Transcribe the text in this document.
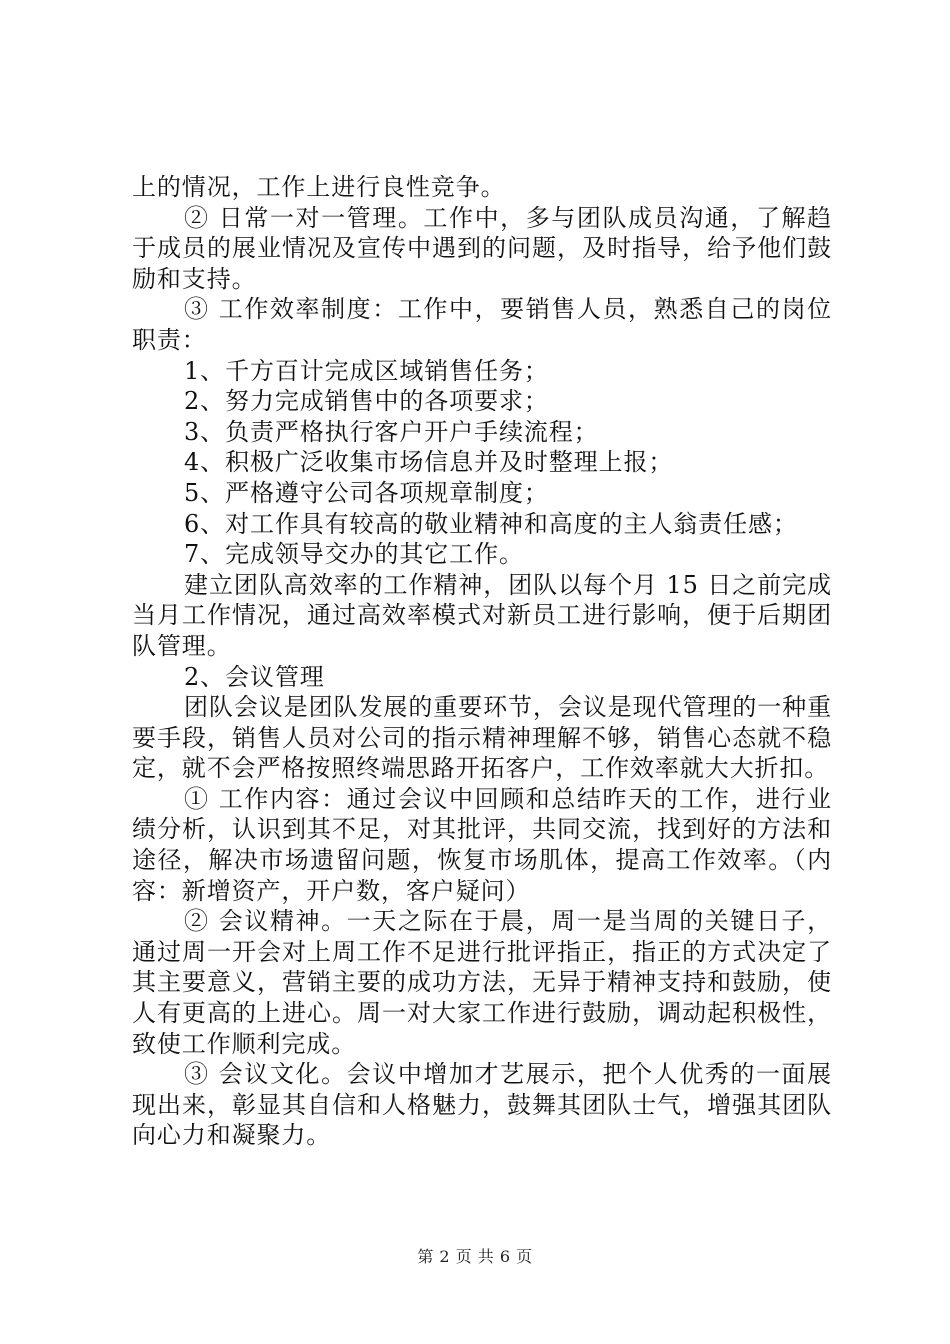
上的情况，工作上进行良性竞争。

② 日常一对一管理。工作中，多与团队成员沟通，了解趋于成员的展业情况及宣传中遇到的问题，及时指导，给予他们鼓励和支持。

③ 工作效率制度：工作中，要销售人员，熟悉自己的岗位职责：

1、千方百计完成区域销售任务；

2、努力完成销售中的各项要求；

3、负责严格执行客户开户手续流程；

4、积极广泛收集市场信息并及时整理上报；

5、严格遵守公司各项规章制度；

6、对工作具有较高的敬业精神和高度的主人翁责任感；

7、完成领导交办的其它工作。

建立团队高效率的工作精神，团队以每个月 15 日之前完成当月工作情况，通过高效率模式对新员工进行影响，便于后期团队管理。

2、会议管理

团队会议是团队发展的重要环节，会议是现代管理的一种重要手段，销售人员对公司的指示精神理解不够，销售心态就不稳定，就不会严格按照终端思路开拓客户，工作效率就大大折扣。

① 工作内容：通过会议中回顾和总结昨天的工作，进行业绩分析，认识到其不足，对其批评，共同交流，找到好的方法和途径，解决市场遗留问题，恢复市场肌体，提高工作效率。（内容：新增资产，开户数，客户疑问）

② 会议精神。一天之际在于晨，周一是当周的关键日子，通过周一开会对上周工作不足进行批评指正，指正的方式决定了其主要意义，营销主要的成功方法，无异于精神支持和鼓励，使人有更高的上进心。周一对大家工作进行鼓励，调动起积极性，致使工作顺利完成。

③ 会议文化。会议中增加才艺展示，把个人优秀的一面展现出来，彰显其自信和人格魅力，鼓舞其团队士气，增强其团队向心力和凝聚力。

第 2 页 共 6 页
